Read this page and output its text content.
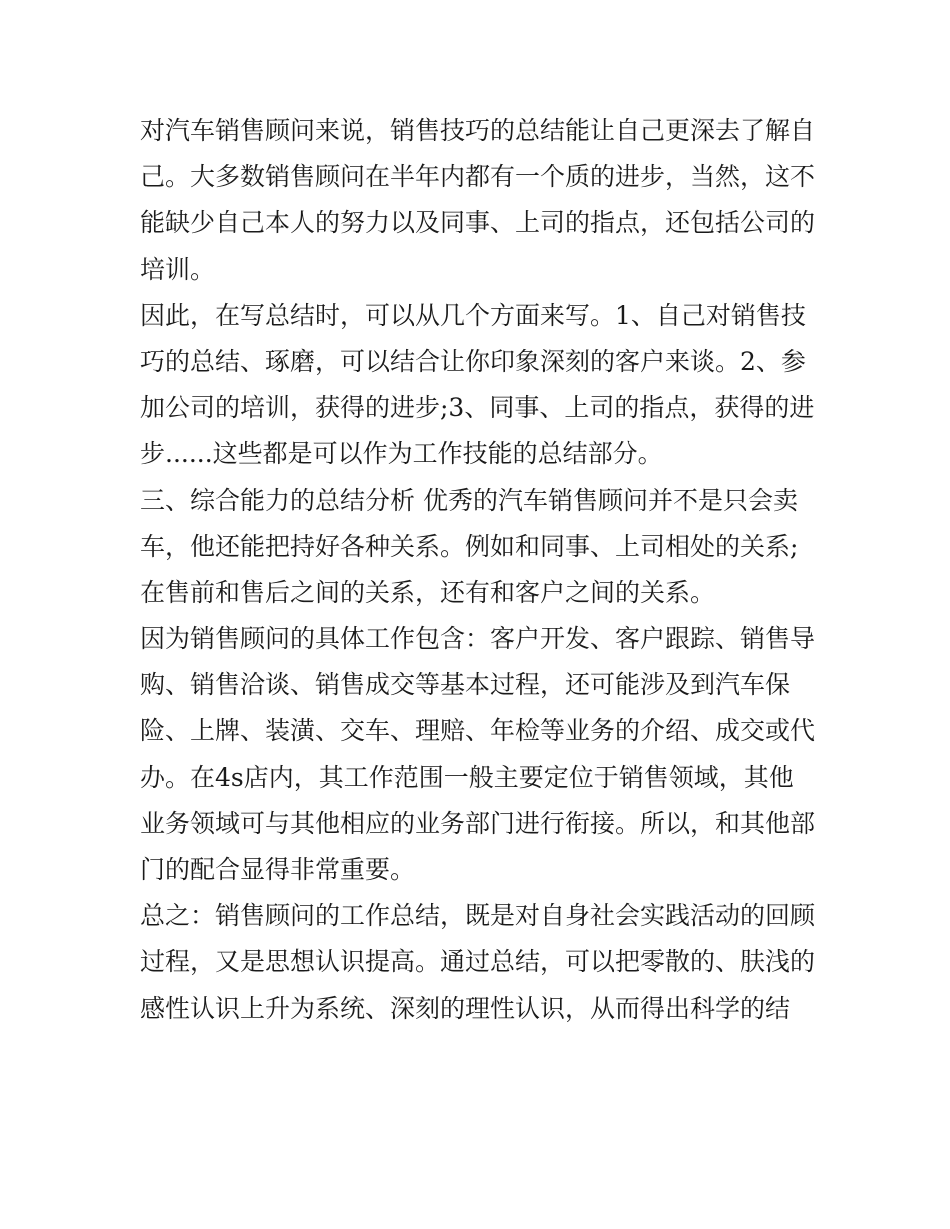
对汽车销售顾问来说，销售技巧的总结能让自己更深去了解自
己。大多数销售顾问在半年内都有一个质的进步，当然，这不
能缺少自己本人的努力以及同事、上司的指点，还包括公司的
培训。
因此，在写总结时，可以从几个方面来写。1、自己对销售技
巧的总结、琢磨，可以结合让你印象深刻的客户来谈。2、参
加公司的培训，获得的进步;3、同事、上司的指点，获得的进
步......这些都是可以作为工作技能的总结部分。
三、综合能力的总结分析 优秀的汽车销售顾问并不是只会卖
车，他还能把持好各种关系。例如和同事、上司相处的关系;
在售前和售后之间的关系，还有和客户之间的关系。
因为销售顾问的具体工作包含：客户开发、客户跟踪、销售导
购、销售洽谈、销售成交等基本过程，还可能涉及到汽车保
险、上牌、装潢、交车、理赔、年检等业务的介绍、成交或代
办。在4s店内，其工作范围一般主要定位于销售领域，其他
业务领域可与其他相应的业务部门进行衔接。所以，和其他部
门的配合显得非常重要。
总之：销售顾问的工作总结，既是对自身社会实践活动的回顾
过程，又是思想认识提高。通过总结，可以把零散的、肤浅的
感性认识上升为系统、深刻的理性认识，从而得出科学的结
